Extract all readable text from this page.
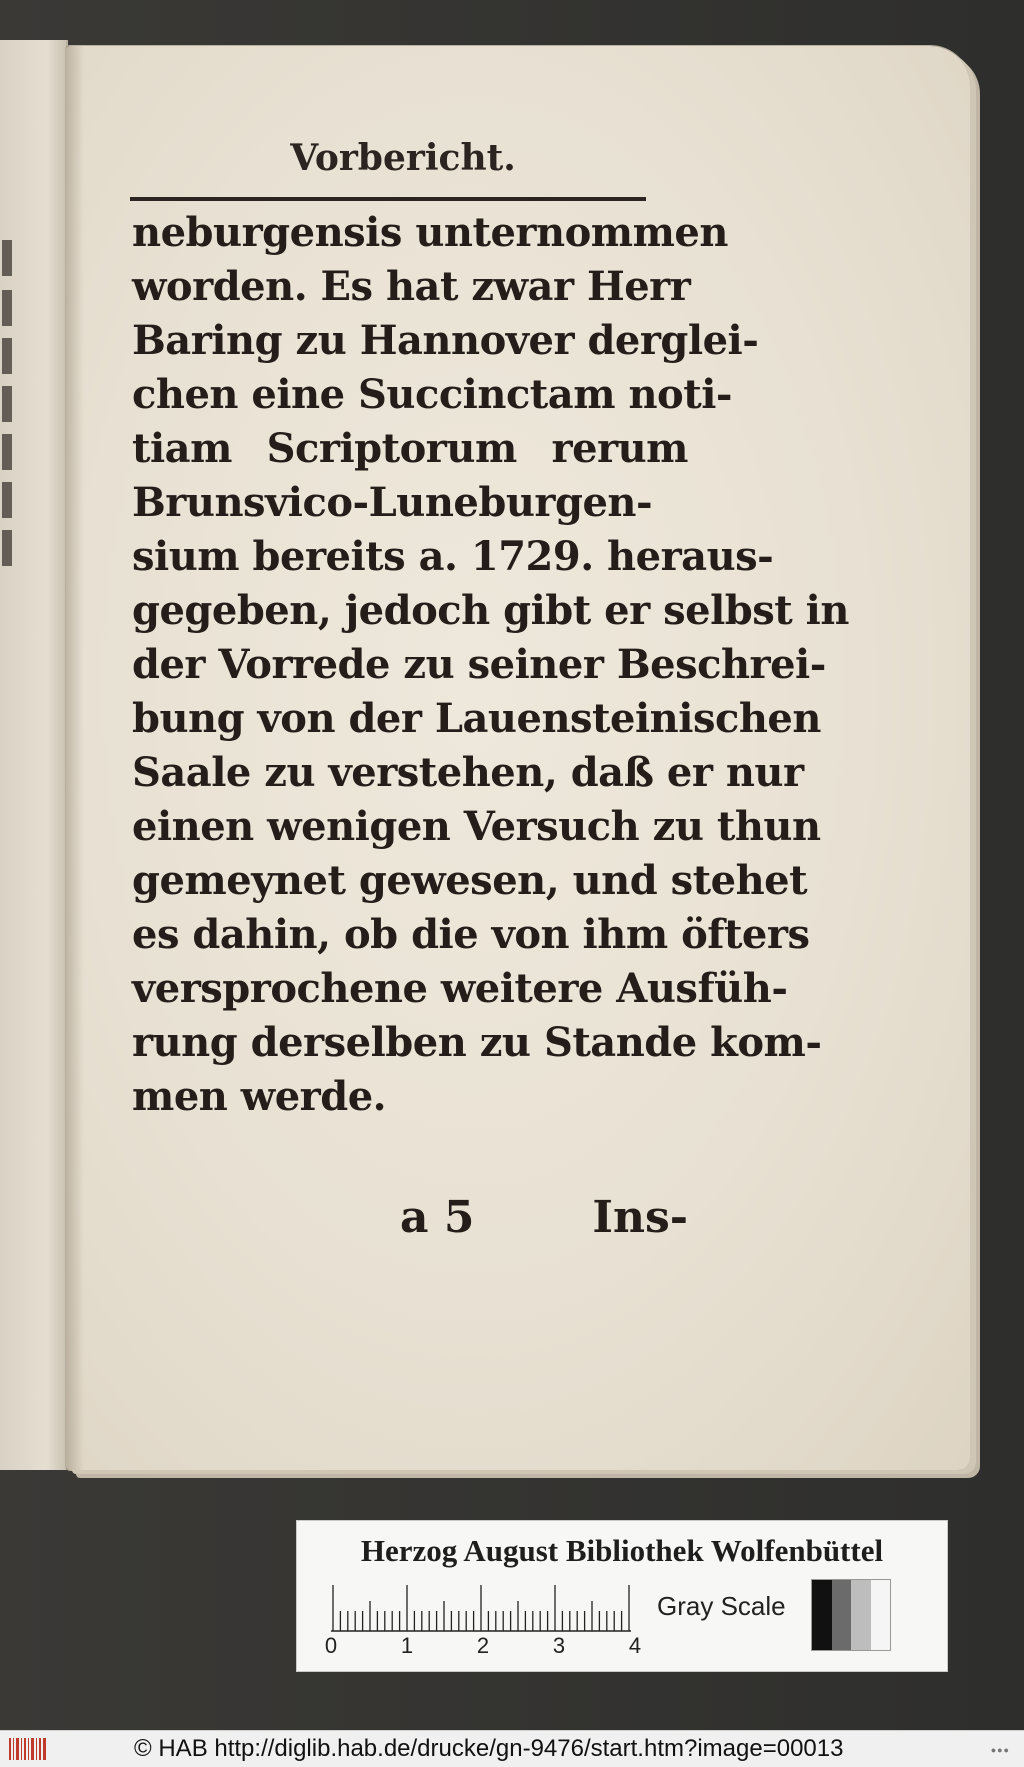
Vorbericht.
neburgensis unternommen
worden. Es hat zwar Herr
Baring zu Hannover derglei-
chen eine Succinctam noti-
tiam Scriptorum rerum
Brunsvico-Luneburgen-
sium bereits a. 1729. heraus-
gegeben, jedoch gibt er selbst in
der Vorrede zu seiner Beschrei-
bung von der Lauensteinischen
Saale zu verstehen, daß er nur
einen wenigen Versuch zu thun
gemeynet gewesen, und stehet
es dahin, ob die von ihm öfters
versprochene weitere Ausfüh-
rung derselben zu Stande kom-
men werde.
a 5	Ins-
Herzog August Bibliothek Wolfenbüttel
0	1	2	3	4
Gray Scale
© HAB http://diglib.hab.de/drucke/gn-9476/start.htm?image=00013	●●●
